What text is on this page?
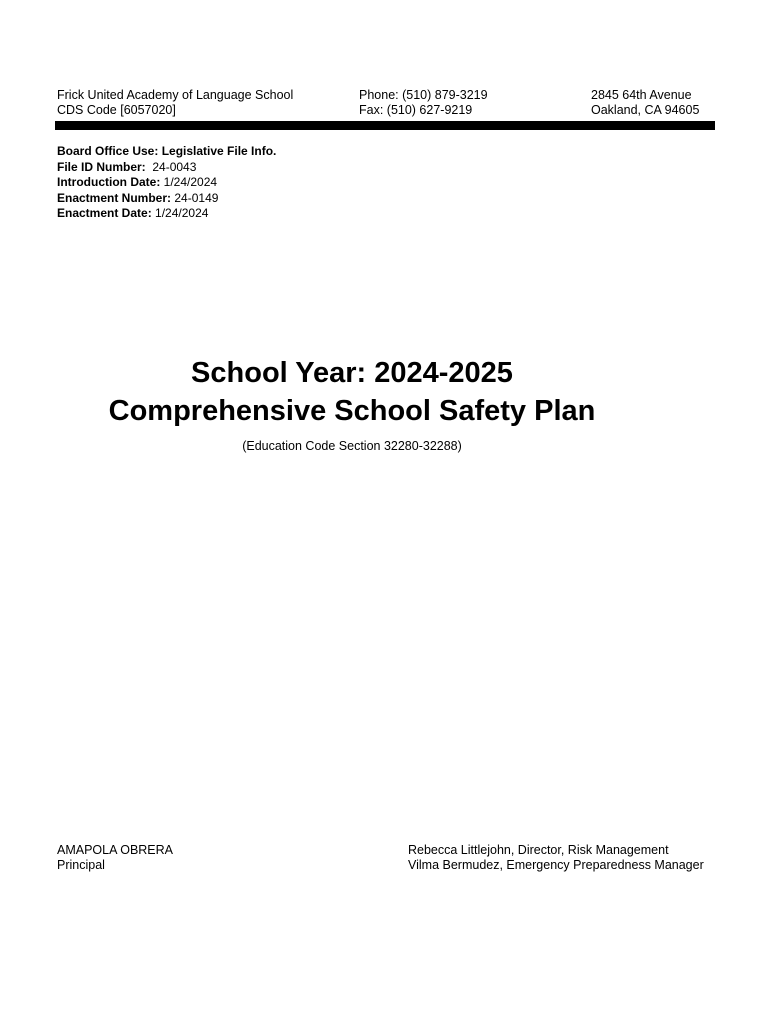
Frick United Academy of Language School
CDS Code [6057020]
Phone: (510) 879-3219
Fax: (510) 627-9219
2845 64th Avenue
Oakland, CA 94605
Board Office Use: Legislative File Info.
File ID Number: 24-0043
Introduction Date: 1/24/2024
Enactment Number: 24-0149
Enactment Date: 1/24/2024
School Year: 2024-2025
Comprehensive School Safety Plan
(Education Code Section 32280-32288)
AMAPOLA OBRERA
Principal
Rebecca Littlejohn, Director, Risk Management
Vilma Bermudez, Emergency Preparedness Manager
